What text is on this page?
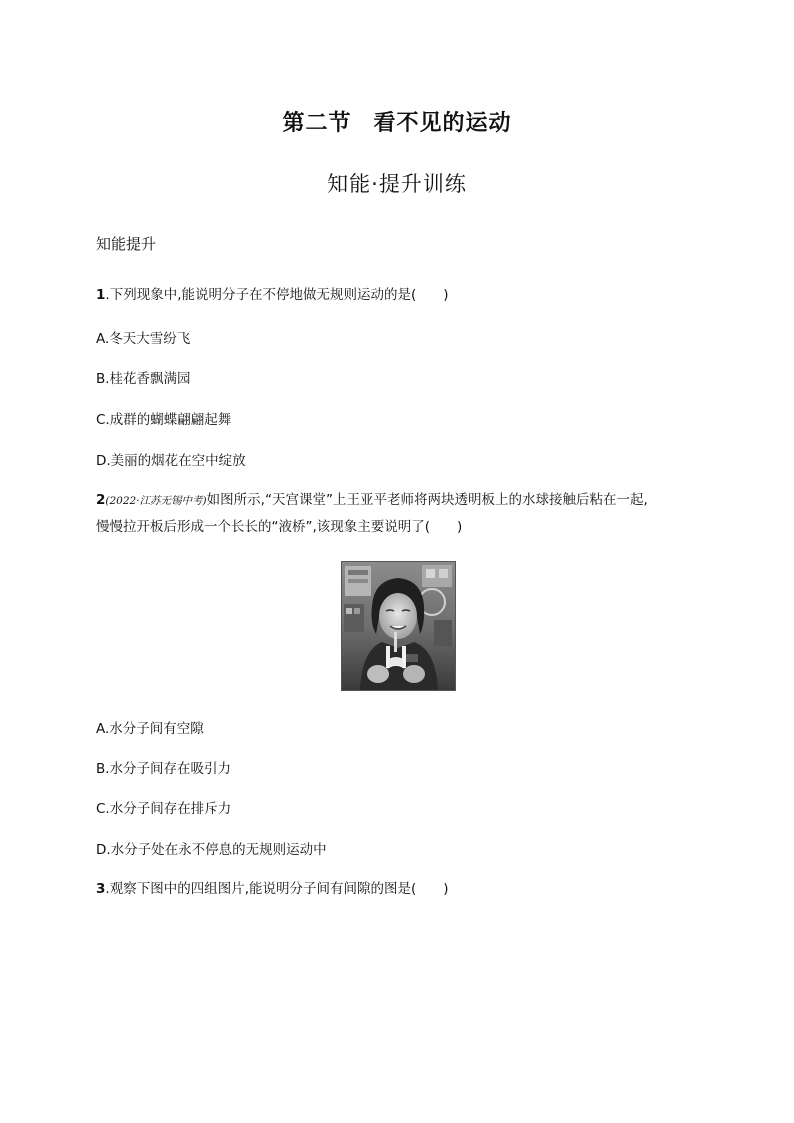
第二节 看不见的运动
知能·提升训练
知能提升
1.下列现象中,能说明分子在不停地做无规则运动的是(　　)
A.冬天大雪纷飞
B.桂花香飘满园
C.成群的蝴蝶翩翩起舞
D.美丽的烟花在空中绽放
2(2022·江苏无锡中考)如图所示,“天宫课堂”上王亚平老师将两块透明板上的水球接触后粘在一起,
慢慢拉开板后形成一个长长的“液桥”,该现象主要说明了(　　)
A.水分子间有空隙
B.水分子间存在吸引力
C.水分子间存在排斥力
D.水分子处在永不停息的无规则运动中
3.观察下图中的四组图片,能说明分子间有间隙的图是(　　)
